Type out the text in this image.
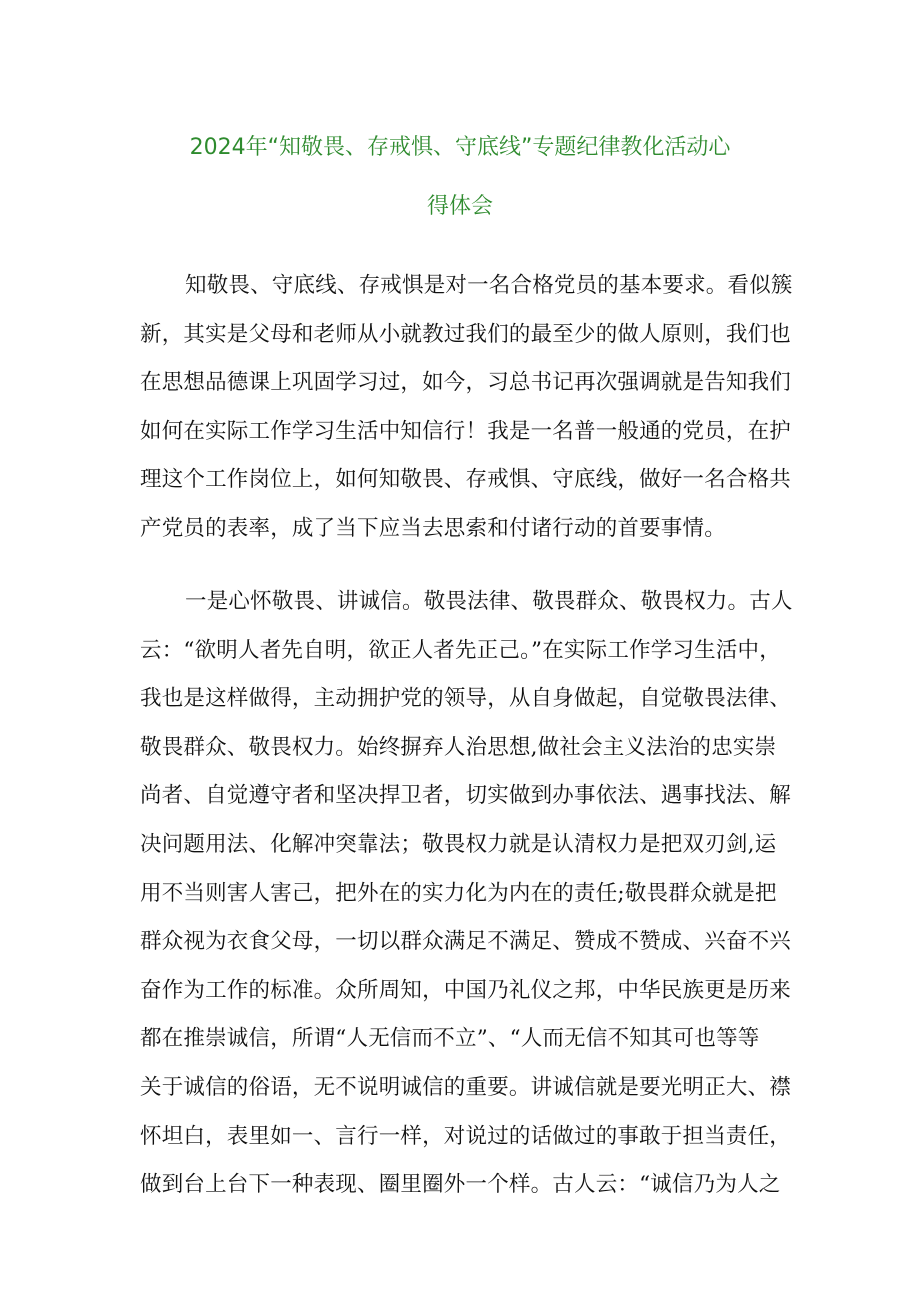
2024年“知敬畏、存戒惧、守底线”专题纪律教化活动心
得体会
知敬畏、守底线、存戒惧是对一名合格党员的基本要求。看似簇
新，其实是父母和老师从小就教过我们的最至少的做人原则，我们也
在思想品德课上巩固学习过，如今，习总书记再次强调就是告知我们
如何在实际工作学习生活中知信行！我是一名普一般通的党员，在护
理这个工作岗位上，如何知敬畏、存戒惧、守底线，做好一名合格共
产党员的表率，成了当下应当去思索和付诸行动的首要事情。
一是心怀敬畏、讲诚信。敬畏法律、敬畏群众、敬畏权力。古人
云：“欲明人者先自明，欲正人者先正己。”在实际工作学习生活中，
我也是这样做得，主动拥护党的领导，从自身做起，自觉敬畏法律、
敬畏群众、敬畏权力。始终摒弃人治思想,做社会主义法治的忠实崇
尚者、自觉遵守者和坚决捍卫者，切实做到办事依法、遇事找法、解
决问题用法、化解冲突靠法；敬畏权力就是认清权力是把双刃剑,运
用不当则害人害己，把外在的实力化为内在的责任;敬畏群众就是把
群众视为衣食父母，一切以群众满足不满足、赞成不赞成、兴奋不兴
奋作为工作的标准。众所周知，中国乃礼仪之邦，中华民族更是历来
都在推崇诚信，所谓“人无信而不立”、“人而无信不知其可也等等
关于诚信的俗语，无不说明诚信的重要。讲诚信就是要光明正大、襟
怀坦白，表里如一、言行一样，对说过的话做过的事敢于担当责任，
做到台上台下一种表现、圈里圈外一个样。古人云：“诚信乃为人之
